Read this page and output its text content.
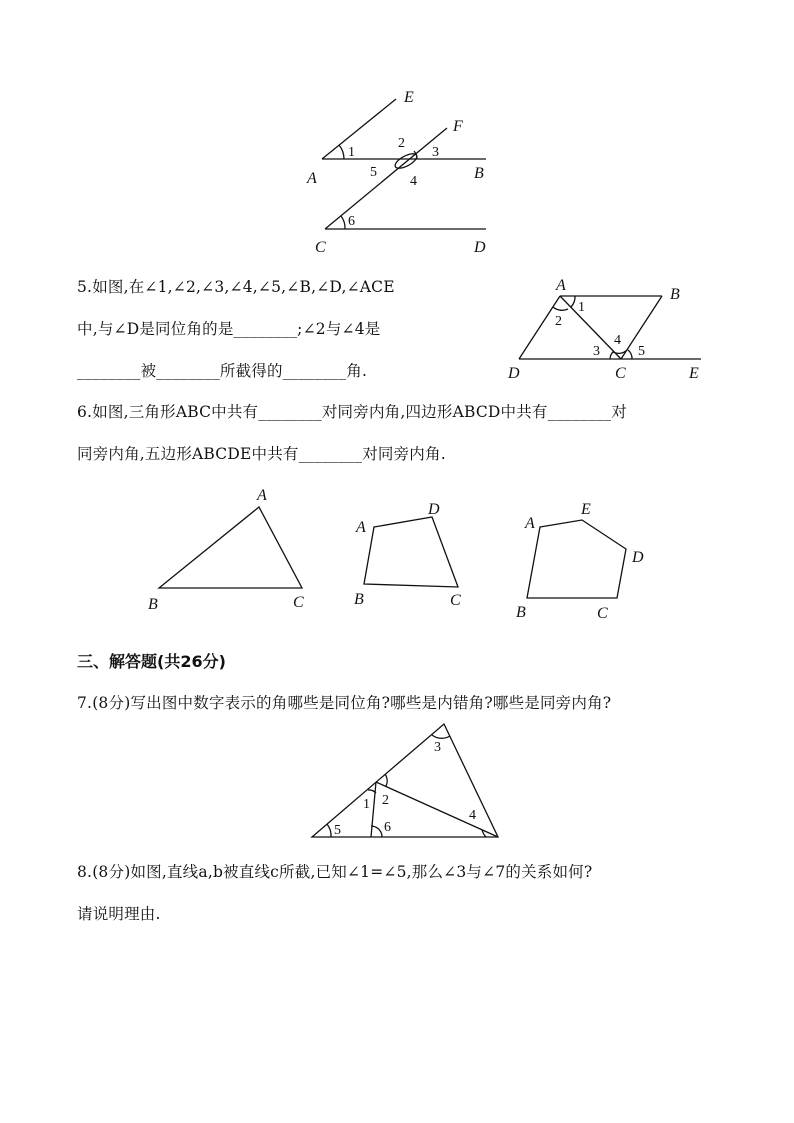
E
F
A	B
C	D
1
2
3
4
5
6
5.如图,在∠1,∠2,∠3,∠4,∠5,∠B,∠D,∠ACE
中,与∠D是同位角的是________;∠2与∠4是
________被________所截得的________角.
A
B
C
D	E
1
2
3
4
5
6.如图,三角形ABC中共有________对同旁内角,四边形ABCD中共有________对
同旁内角,五边形ABCDE中共有________对同旁内角.
A
B	C
A
D
B	C
A
E
D
B	C
三、解答题(共26分)
7.(8分)写出图中数字表示的角哪些是同位角?哪些是内错角?哪些是同旁内角?
1 2
3
4
5	6
8.(8分)如图,直线a,b被直线c所截,已知∠1=∠5,那么∠3与∠7的关系如何?
请说明理由.
